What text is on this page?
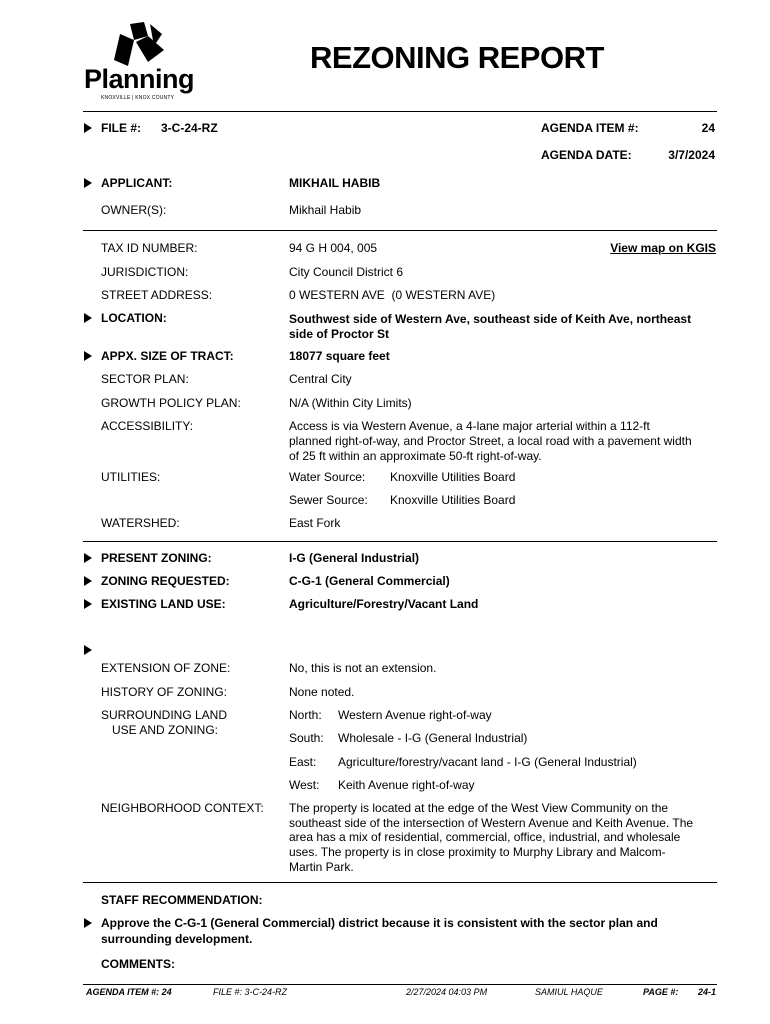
Planning
KNOXVILLE | KNOX COUNTY
REZONING REPORT
FILE #: 3-C-24-RZ	AGENDA ITEM #:	24
AGENDA DATE:	3/7/2024
APPLICANT:	MIKHAIL HABIB
OWNER(S):	Mikhail Habib
TAX ID NUMBER:	94 G H 004, 005	View map on KGIS
JURISDICTION:	City Council District 6
STREET ADDRESS:	0 WESTERN AVE  (0 WESTERN AVE)
LOCATION:	Southwest side of Western Ave, southeast side of Keith Ave, northeast
side of Proctor St
APPX. SIZE OF TRACT:	18077 square feet
SECTOR PLAN:	Central City
GROWTH POLICY PLAN:	N/A (Within City Limits)
ACCESSIBILITY:	Access is via Western Avenue, a 4-lane major arterial within a 112-ft
planned right-of-way, and Proctor Street, a local road with a pavement width
of 25 ft within an approximate 50-ft right-of-way.
UTILITIES:	Water Source: Knoxville Utilities Board
Sewer Source: Knoxville Utilities Board
WATERSHED:	East Fork
PRESENT ZONING:	I-G (General Industrial)
ZONING REQUESTED:	C-G-1 (General Commercial)
EXISTING LAND USE:	Agriculture/Forestry/Vacant Land
EXTENSION OF ZONE:	No, this is not an extension.
HISTORY OF ZONING:	None noted.
SURROUNDING LAND
USE AND ZONING:
North: Western Avenue right-of-way
South: Wholesale - I-G (General Industrial)
East: Agriculture/forestry/vacant land - I-G (General Industrial)
West: Keith Avenue right-of-way
NEIGHBORHOOD CONTEXT: The property is located at the edge of the West View Community on the
southeast side of the intersection of Western Avenue and Keith Avenue. The
area has a mix of residential, commercial, office, industrial, and wholesale
uses. The property is in close proximity to Murphy Library and Malcom-
Martin Park.
STAFF RECOMMENDATION:
Approve the C-G-1 (General Commercial) district because it is consistent with the sector plan and
surrounding development.
COMMENTS:
AGENDA ITEM #: 24	FILE #: 3-C-24-RZ	2/27/2024 04:03 PM	SAMIUL HAQUE	PAGE #: 24-1
